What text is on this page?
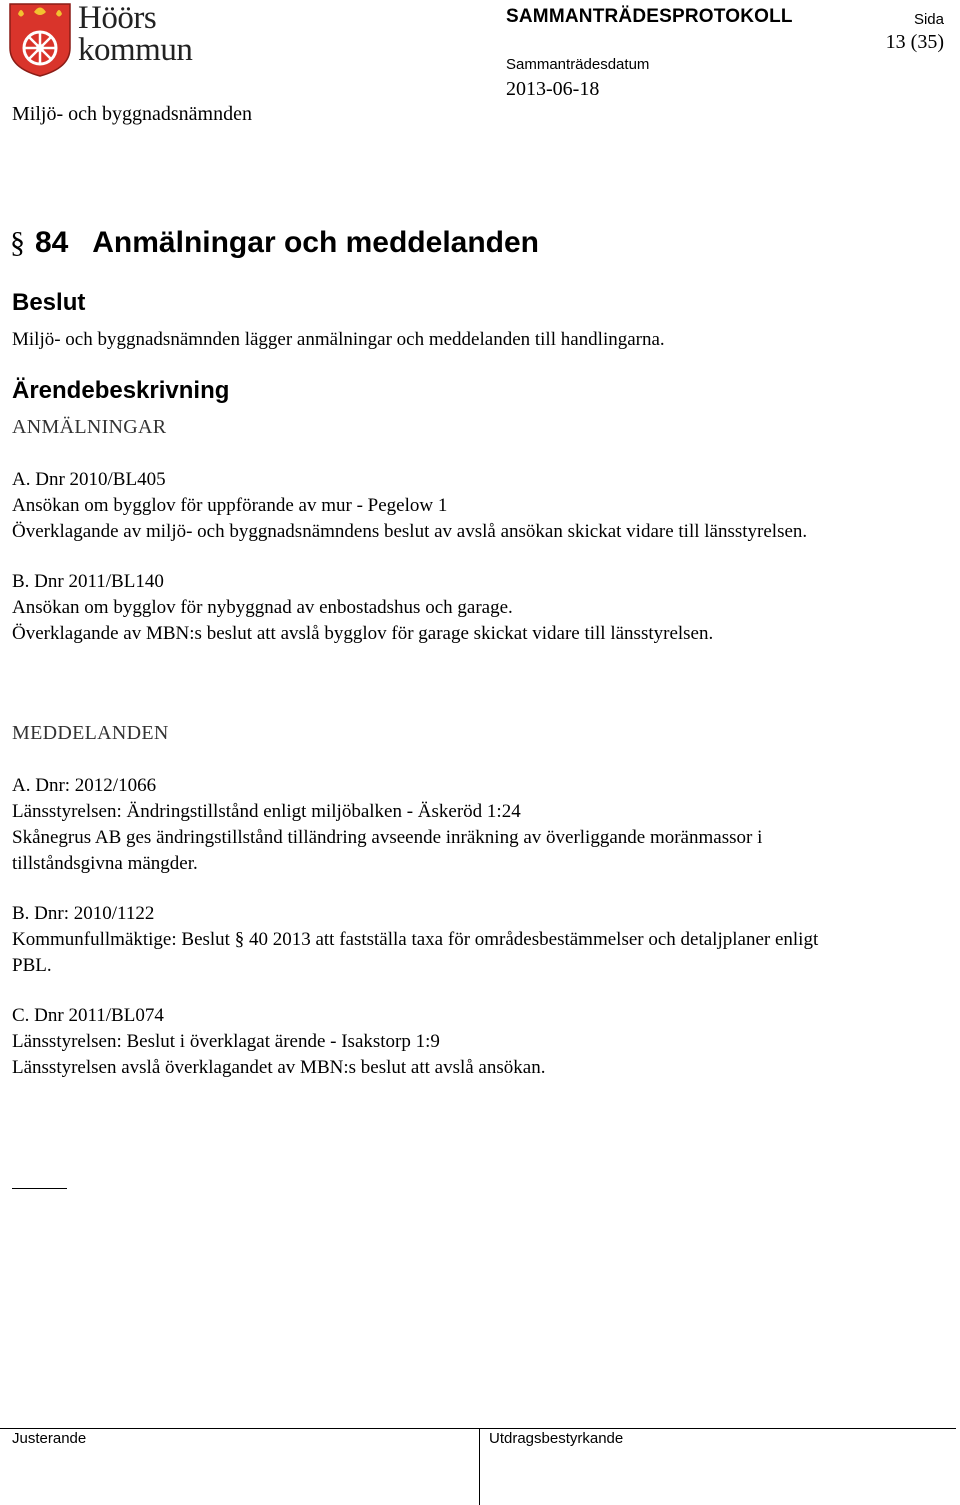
Höörs
kommun
Miljö- och byggnadsnämnden
SAMMANTRÄDESPROTOKOLL
Sammanträdesdatum
2013-06-18
Sida
13 (35)
§ 84   Anmälningar och meddelanden
Beslut
Miljö- och byggnadsnämnden lägger anmälningar och meddelanden till handlingarna.
Ärendebeskrivning
ANMÄLNINGAR
A. Dnr 2010/BL405
Ansökan om bygglov för uppförande av mur - Pegelow 1
Överklagande av miljö- och byggnadsnämndens beslut av avslå ansökan skickat vidare till länsstyrelsen.
B. Dnr 2011/BL140
Ansökan om bygglov för nybyggnad av enbostadshus och garage.
Överklagande av MBN:s beslut att avslå bygglov för garage skickat vidare till länsstyrelsen.
MEDDELANDEN
A. Dnr: 2012/1066
Länsstyrelsen: Ändringstillstånd enligt miljöbalken - Äskeröd 1:24
Skånegrus AB ges ändringstillstånd tilländring avseende inräkning av överliggande moränmassor i
tillståndsgivna mängder.
B. Dnr: 2010/1122
Kommunfullmäktige: Beslut § 40 2013 att fastställa taxa för områdesbestämmelser och detaljplaner enligt
PBL.
C. Dnr 2011/BL074
Länsstyrelsen: Beslut i överklagat ärende - Isakstorp 1:9
Länsstyrelsen avslå överklagandet av MBN:s beslut att avslå ansökan.
Justerande	Utdragsbestyrkande
